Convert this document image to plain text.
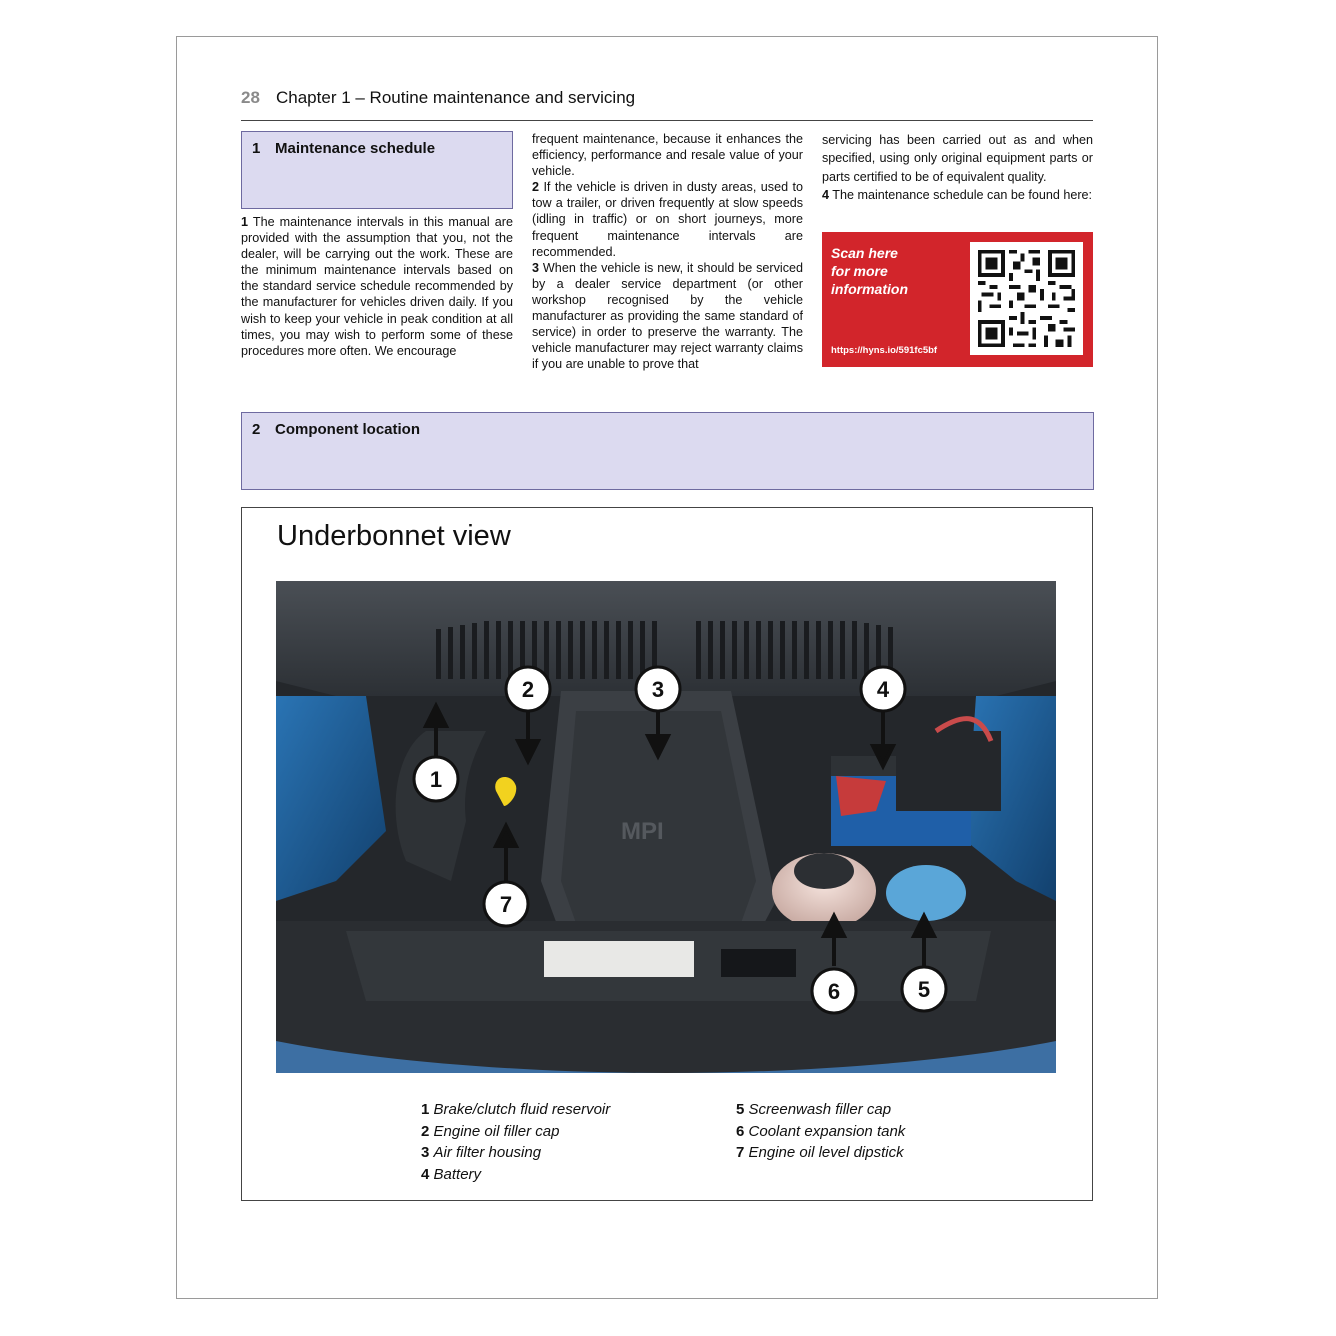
28 Chapter 1 – Routine maintenance and servicing
1 Maintenance schedule

1 The maintenance intervals in this manual are provided with the assumption that you, not the dealer, will be carrying out the work. These are the minimum maintenance intervals based on the standard service schedule recommended by the manufacturer for vehicles driven daily. If you wish to keep your vehicle in peak condition at all times, you may wish to perform some of these procedures more often. We encourage

frequent maintenance, because it enhances the efficiency, performance and resale value of your vehicle.

2 If the vehicle is driven in dusty areas, used to tow a trailer, or driven frequently at slow speeds (idling in traffic) or on short journeys, more frequent maintenance intervals are recommended.

3 When the vehicle is new, it should be serviced by a dealer service department (or other workshop recognised by the vehicle manufacturer as providing the same standard of service) in order to preserve the warranty. The vehicle manufacturer may reject warranty claims if you are unable to prove that

servicing has been carried out as and when specified, using only original equipment parts or parts certified to be of equivalent quality.

4 The maintenance schedule can be found here:

Scan here
for more
information
https://hyns.io/591fc5bf
2 Component location
Underbonnet view
MPI
1
2	3	4
5
6
7
1 Brake/clutch fluid reservoir
2 Engine oil filler cap
3 Air filter housing
4 Battery
5 Screenwash filler cap
6 Coolant expansion tank
7 Engine oil level dipstick
